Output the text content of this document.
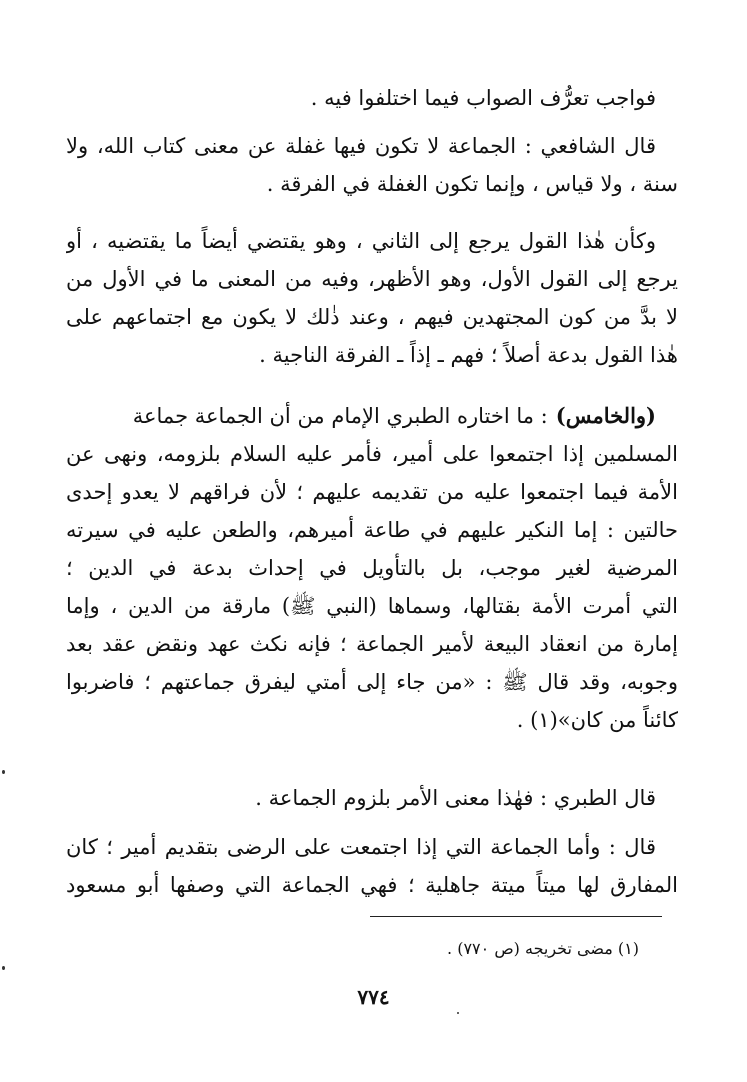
فواجب تعرُّف الصواب فيما اختلفوا فيه .
قال الشافعي : الجماعة لا تكون فيها غفلة عن معنى كتاب الله، ولا
سنة ، ولا قياس ، وإنما تكون الغفلة في الفرقة .
وكأن هٰذا القول يرجع إلى الثاني ، وهو يقتضي أيضاً ما يقتضيه ، أو
يرجع إلى القول الأول، وهو الأظهر، وفيه من المعنى ما في الأول من
لا بدَّ من كون المجتهدين فيهم ، وعند ذٰلك لا يكون مع اجتماعهم على
هٰذا القول بدعة أصلاً ؛ فهم ـ إذاً ـ الفرقة الناجية .
(والخامس)
: ما اختاره الطبري الإمام من أن الجماعة جماعة
المسلمين إذا اجتمعوا على أمير، فأمر عليه السلام بلزومه، ونهى عن
الأمة فيما اجتمعوا عليه من تقديمه عليهم ؛ لأن فراقهم لا يعدو إحدى
حالتين : إما النكير عليهم في طاعة أميرهم، والطعن عليه في سيرته
المرضية لغير موجب، بل بالتأويل في إحداث بدعة في الدين ؛
التي أمرت الأمة بقتالها، وسماها (النبي ﷺ) مارقة من الدين ، وإما
إمارة من انعقاد البيعة لأمير الجماعة ؛ فإنه نكث عهد ونقض عقد بعد
وجوبه، وقد قال ﷺ : «من جاء إلى أمتي ليفرق جماعتهم ؛ فاضربوا
كائناً من كان»(١) .
قال الطبري : فهٰذا معنى الأمر بلزوم الجماعة .
قال : وأما الجماعة التي إذا اجتمعت على الرضى بتقديم أمير ؛ كان
المفارق لها ميتاً ميتة جاهلية ؛ فهي الجماعة التي وصفها أبو مسعود
(١) مضى تخريجه (ص ٧٧٠) .
٧٧٤
